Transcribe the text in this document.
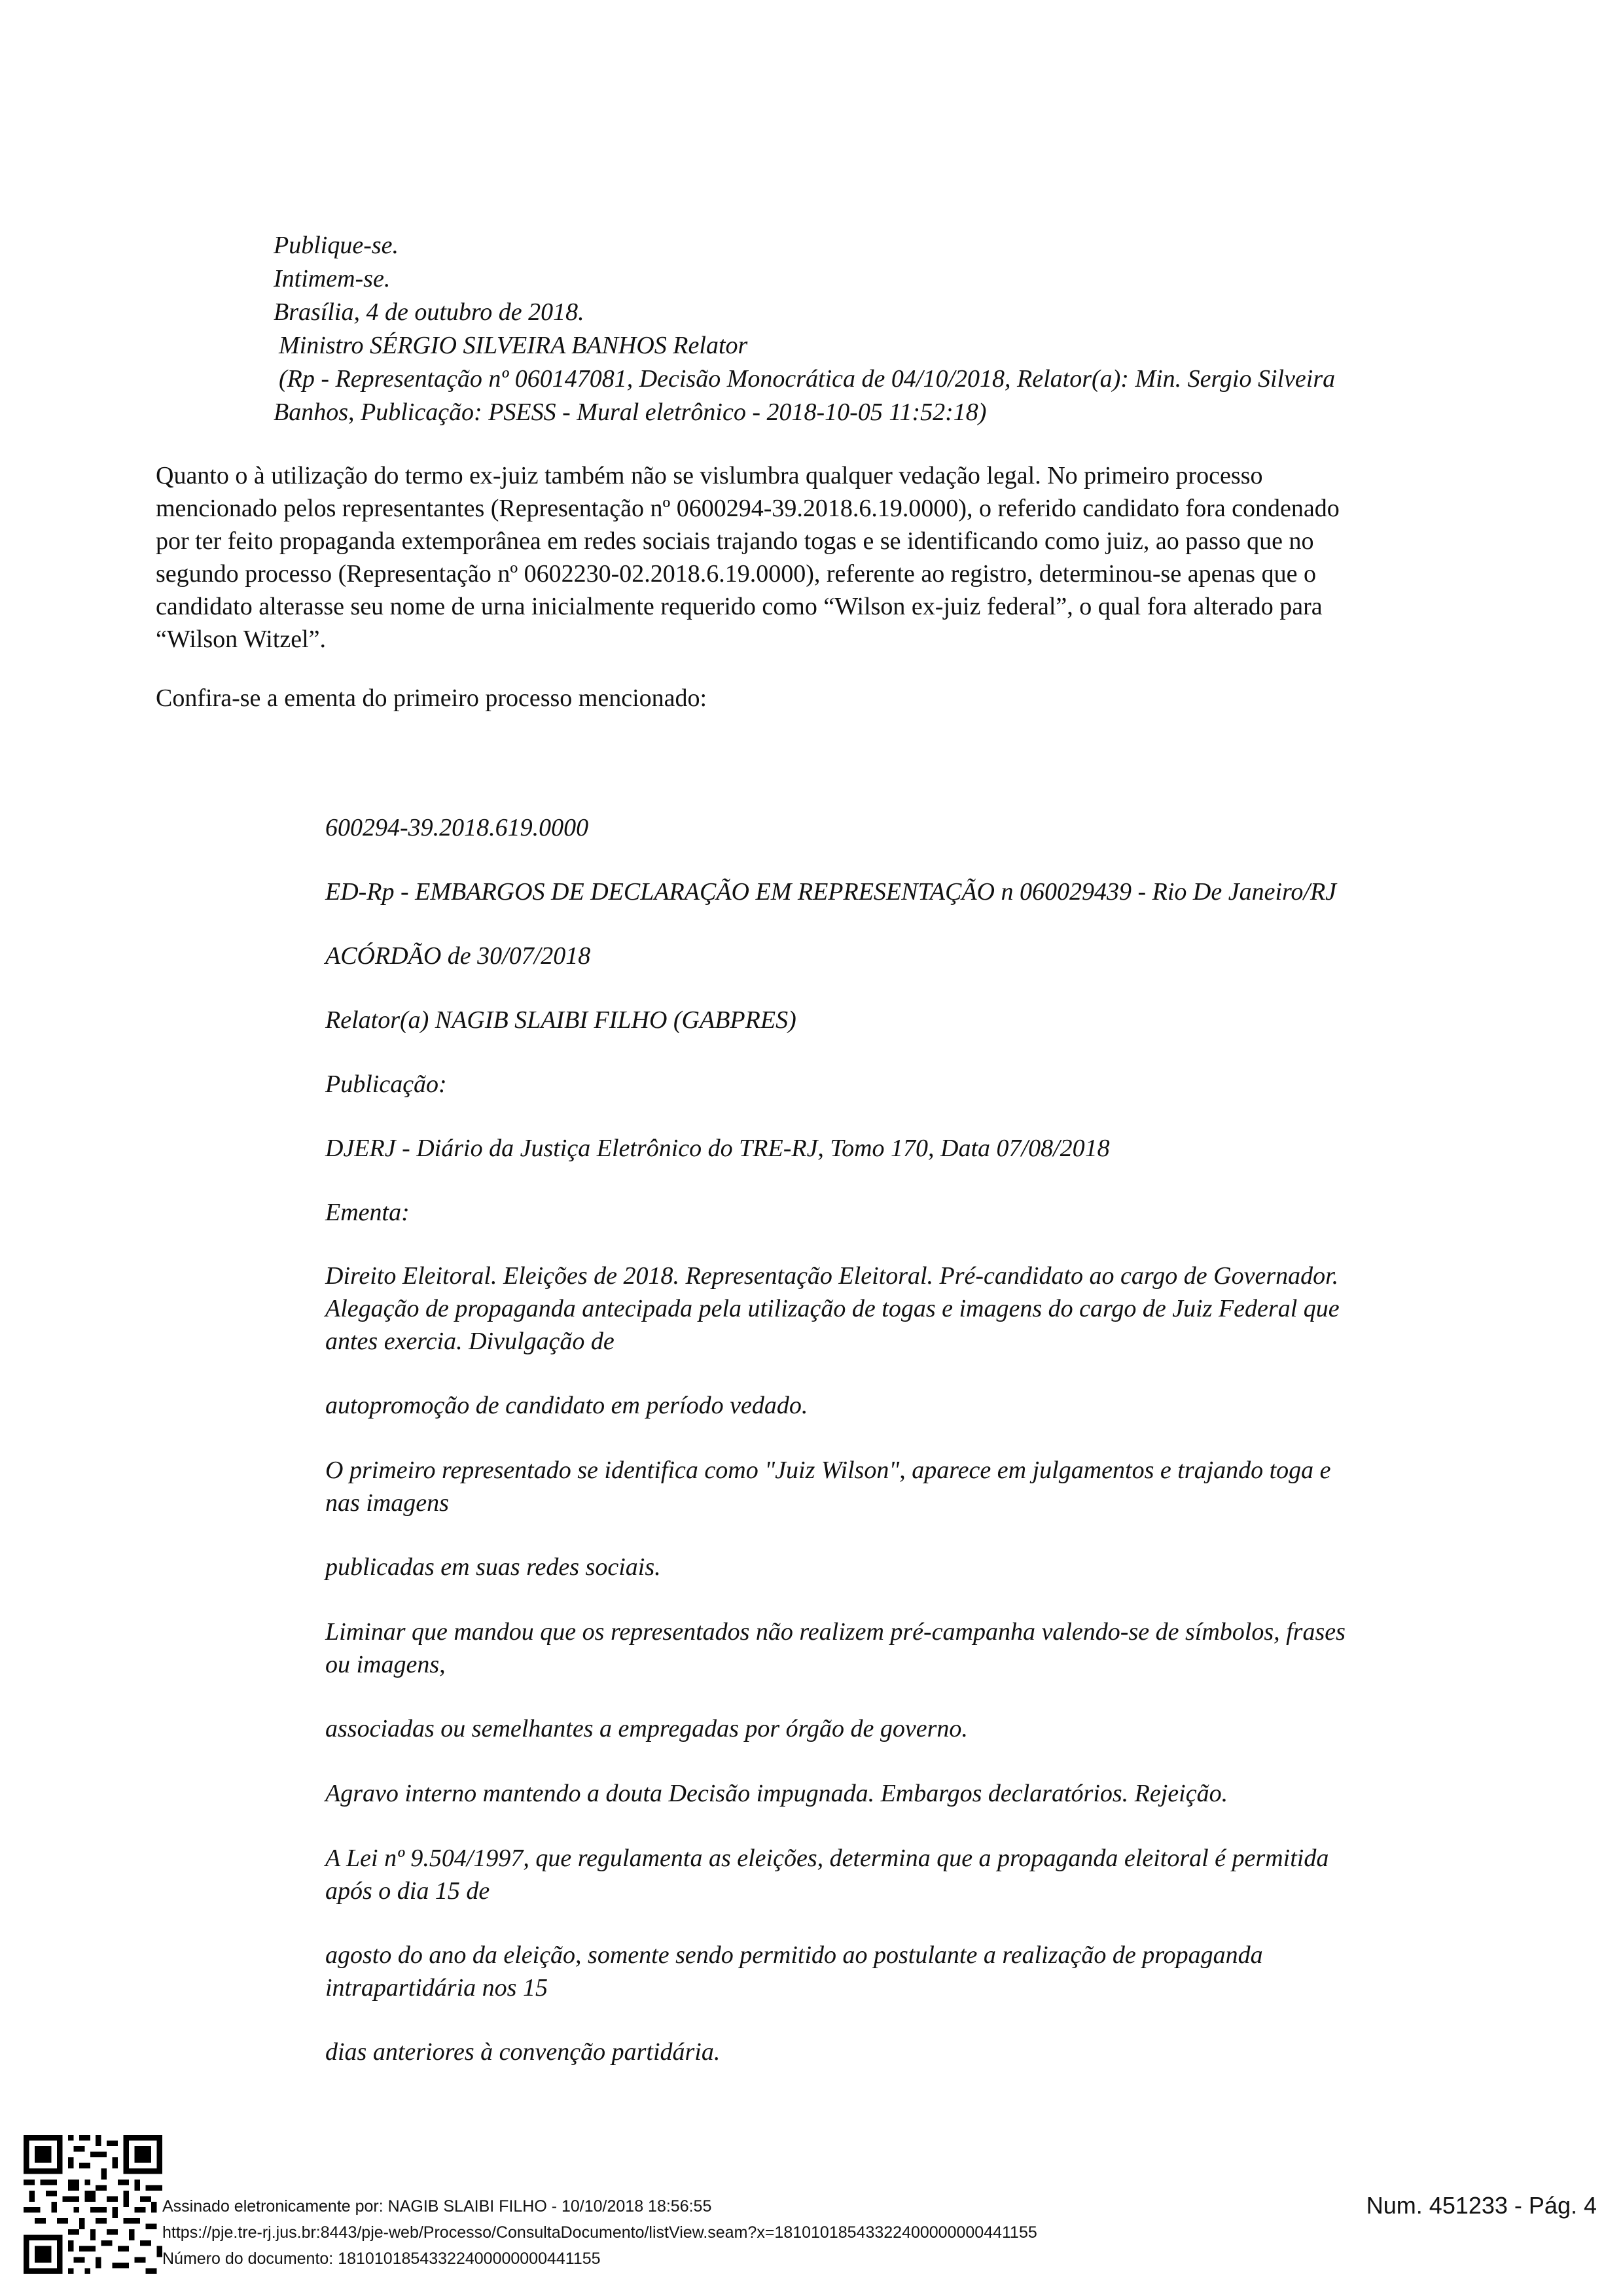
Publique-se.
Intimem-se.
Brasília, 4 de outubro de 2018.
Ministro SÉRGIO SILVEIRA BANHOS Relator
(Rp - Representação nº 060147081, Decisão Monocrática de 04/10/2018, Relator(a): Min. Sergio Silveira
Banhos, Publicação: PSESS - Mural eletrônico - 2018-10-05 11:52:18)
Quanto o à utilização do termo ex-juiz também não se vislumbra qualquer vedação legal. No primeiro processo
mencionado pelos representantes (Representação nº 0600294-39.2018.6.19.0000), o referido candidato fora condenado
por ter feito propaganda extemporânea em redes sociais trajando togas e se identificando como juiz, ao passo que no
segundo processo (Representação nº 0602230-02.2018.6.19.0000), referente ao registro, determinou-se apenas que o
candidato alterasse seu nome de urna inicialmente requerido como “Wilson ex-juiz federal”, o qual fora alterado para
“Wilson Witzel”.
Confira-se a ementa do primeiro processo mencionado:
600294-39.2018.619.0000
ED-Rp - EMBARGOS DE DECLARAÇÃO EM REPRESENTAÇÃO n 060029439 - Rio De Janeiro/RJ
ACÓRDÃO de 30/07/2018
Relator(a) NAGIB SLAIBI FILHO (GABPRES)
Publicação:
DJERJ - Diário da Justiça Eletrônico do TRE-RJ, Tomo 170, Data 07/08/2018
Ementa:
Direito Eleitoral. Eleições de 2018. Representação Eleitoral. Pré-candidato ao cargo de Governador.
Alegação de propaganda antecipada pela utilização de togas e imagens do cargo de Juiz Federal que
antes exercia. Divulgação de
autopromoção de candidato em período vedado.
O primeiro representado se identifica como "Juiz Wilson", aparece em julgamentos e trajando toga e
nas imagens
publicadas em suas redes sociais.
Liminar que mandou que os representados não realizem pré-campanha valendo-se de símbolos, frases
ou imagens,
associadas ou semelhantes a empregadas por órgão de governo.
Agravo interno mantendo a douta Decisão impugnada. Embargos declaratórios. Rejeição.
A Lei nº 9.504/1997, que regulamenta as eleições, determina que a propaganda eleitoral é permitida
após o dia 15 de
agosto do ano da eleição, somente sendo permitido ao postulante a realização de propaganda
intrapartidária nos 15
dias anteriores à convenção partidária.
Assinado eletronicamente por: NAGIB SLAIBI FILHO - 10/10/2018 18:56:55
https://pje.tre-rj.jus.br:8443/pje-web/Processo/ConsultaDocumento/listView.seam?x=18101018543322400000000441155
Número do documento: 18101018543322400000000441155
Num. 451233 - Pág. 4
